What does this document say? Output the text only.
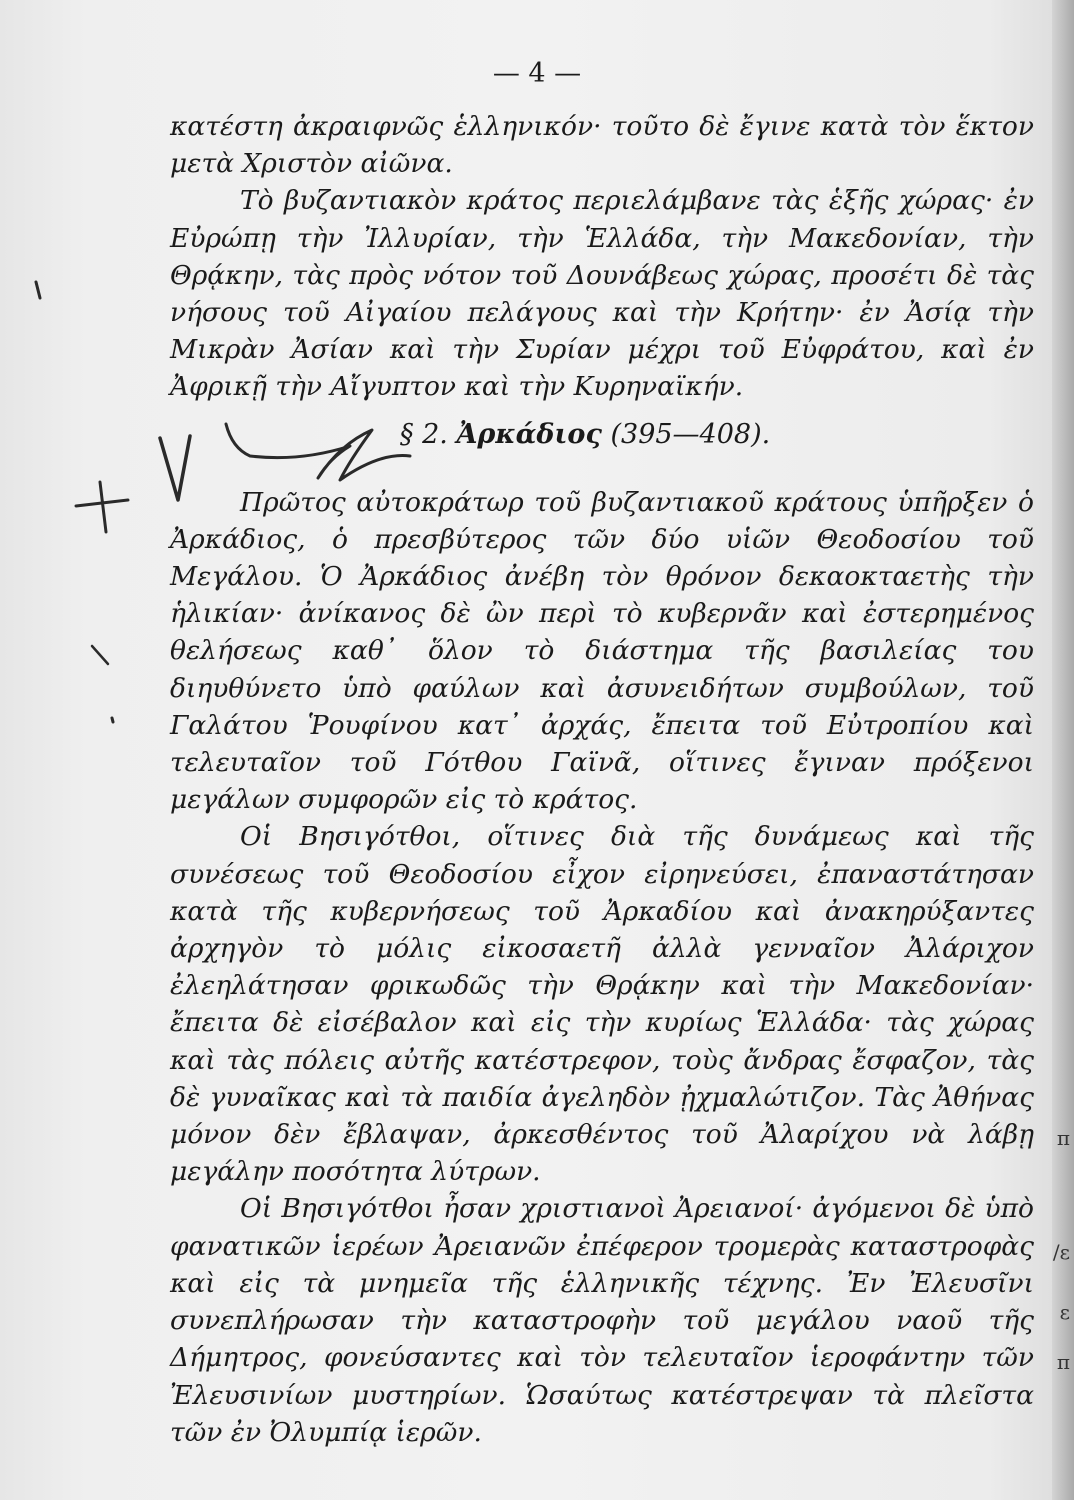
— 4 —

κατέστη ἀκραιφνῶς ἑλληνικόν· τοῦτο δὲ ἔγινε κατὰ τὸν ἕκτον μετὰ Χριστὸν αἰῶνα.

Τὸ βυζαντιακὸν κράτος περιελάμβανε τὰς ἑξῆς χώρας· ἐν Εὐρώπῃ τὴν Ἰλλυρίαν, τὴν Ἑλλάδα, τὴν Μακεδονίαν, τὴν Θρᾴκην, τὰς πρὸς νότον τοῦ Δουνάβεως χώρας, προσέτι δὲ τὰς νήσους τοῦ Αἰγαίου πελάγους καὶ τὴν Κρήτην· ἐν Ἀσίᾳ τὴν Μικρὰν Ἀσίαν καὶ τὴν Συρίαν μέχρι τοῦ Εὐφράτου, καὶ ἐν Ἀφρικῇ τὴν Αἴγυπτον καὶ τὴν Κυρηναϊκήν.

§ 2. Ἀρκάδιος (395—408).

Πρῶτος αὐτοκράτωρ τοῦ βυζαντιακοῦ κράτους ὑπῆρξεν ὁ Ἀρκάδιος, ὁ πρεσβύτερος τῶν δύο υἱῶν Θεοδοσίου τοῦ Μεγάλου. Ὁ Ἀρκάδιος ἀνέβη τὸν θρόνον δεκαοκταετὴς τὴν ἡλικίαν· ἀνίκανος δὲ ὢν περὶ τὸ κυβερνᾶν καὶ ἐστερημένος θελήσεως καθ᾽ ὅλον τὸ διάστημα τῆς βασιλείας του διηυθύνετο ὑπὸ φαύλων καὶ ἀσυνειδήτων συμβούλων, τοῦ Γαλάτου Ῥουφίνου κατ᾽ ἀρχάς, ἔπειτα τοῦ Εὐτροπίου καὶ τελευταῖον τοῦ Γότθου Γαϊνᾶ, οἵτινες ἔγιναν πρόξενοι μεγάλων συμφορῶν εἰς τὸ κράτος.

Οἱ Βησιγότθοι, οἵτινες διὰ τῆς δυνάμεως καὶ τῆς συνέσεως τοῦ Θεοδοσίου εἶχον εἰρηνεύσει, ἐπαναστάτησαν κατὰ τῆς κυβερνήσεως τοῦ Ἀρκαδίου καὶ ἀνακηρύξαντες ἀρχηγὸν τὸ μόλις εἰκοσαετῆ ἀλλὰ γενναῖον Ἀλάριχον ἐλεηλάτησαν φρικωδῶς τὴν Θρᾴκην καὶ τὴν Μακεδονίαν· ἔπειτα δὲ εἰσέβαλον καὶ εἰς τὴν κυρίως Ἑλλάδα· τὰς χώρας καὶ τὰς πόλεις αὐτῆς κατέστρεφον, τοὺς ἄνδρας ἔσφαζον, τὰς δὲ γυναῖκας καὶ τὰ παιδία ἀγεληδὸν ᾐχμαλώτιζον. Τὰς Ἀθήνας μόνον δὲν ἔβλαψαν, ἀρκεσθέντος τοῦ Ἀλαρίχου νὰ λάβῃ μεγάλην ποσότητα λύτρων.

Οἱ Βησιγότθοι ἦσαν χριστιανοὶ Ἀρειανοί· ἀγόμενοι δὲ ὑπὸ φανατικῶν ἱερέων Ἀρειανῶν ἐπέφερον τρομερὰς καταστροφὰς καὶ εἰς τὰ μνημεῖα τῆς ἑλληνικῆς τέχνης. Ἐν Ἐλευσῖνι συνεπλήρωσαν τὴν καταστροφὴν τοῦ μεγάλου ναοῦ τῆς Δήμητρος, φονεύσαντες καὶ τὸν τελευταῖον ἱεροφάντην τῶν Ἐλευσινίων μυστηρίων. Ὡσαύτως κατέστρεψαν τὰ πλεῖστα τῶν ἐν Ὀλυμπίᾳ ἱερῶν.

π
/ε
ε
π
